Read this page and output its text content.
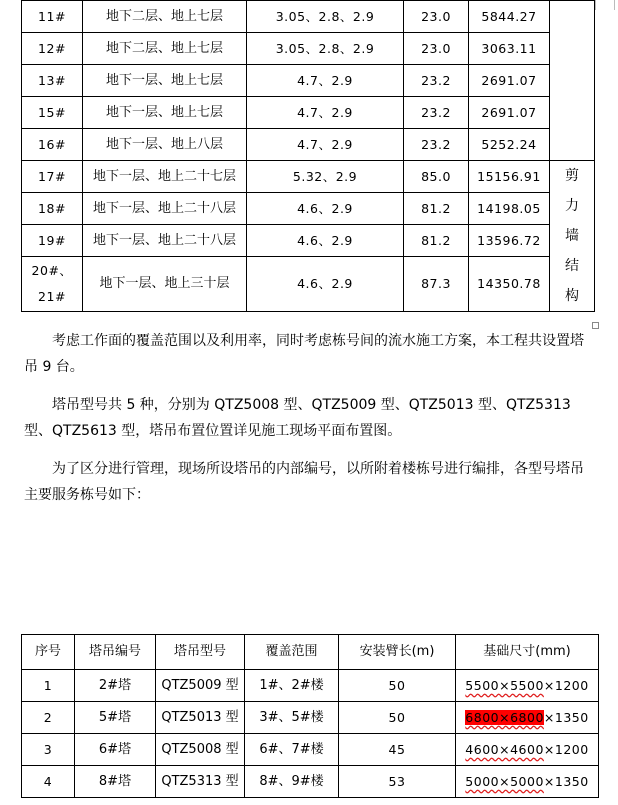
11#	地下二层、地上七层	3.05、2.8、2.9	23.0	5844.27	
12#	地下二层、地上七层	3.05、2.8、2.9	23.0	3063.11	
13#	地下一层、地上七层	4.7、2.9	23.2	2691.07	
15#	地下一层、地上七层	4.7、2.9	23.2	2691.07	
16#	地下一层、地上八层	4.7、2.9	23.2	5252.24	
17#	地下一层、地上二十七层	5.32、2.9	85.0	15156.91	剪力墙结构

18#	地下一层、地上二十八层	4.6、2.9	81.2	14198.05	
19#	地下一层、地上二十八层	4.6、2.9	81.2	13596.72	

20#、
21#	地下一层、地上三十层	4.6、2.9	87.3	14350.78	

考虑工作面的覆盖范围以及利用率，同时考虑栋号间的流水施工方案，本工程共设置塔吊 9 台。

塔吊型号共 5 种，分别为 QTZ5008 型、QTZ5009 型、QTZ5013 型、QTZ5313 型、QTZ5613 型，塔吊布置位置详见施工现场平面布置图。

为了区分进行管理，现场所设塔吊的内部编号，以所附着楼栋号进行编排，各型号塔吊主要服务栋号如下：

序号	塔吊编号	塔吊型号	覆盖范围	安装臂长(m)	基础尺寸(mm)
1	2#塔	QTZ5009 型	1#、2#楼	50	5500×5500×1200
2	5#塔	QTZ5013 型	3#、5#楼	50	6800×6800×1350
3	6#塔	QTZ5008 型	6#、7#楼	45	4600×4600×1200
4	8#塔	QTZ5313 型	8#、9#楼	53	5000×5000×1350
